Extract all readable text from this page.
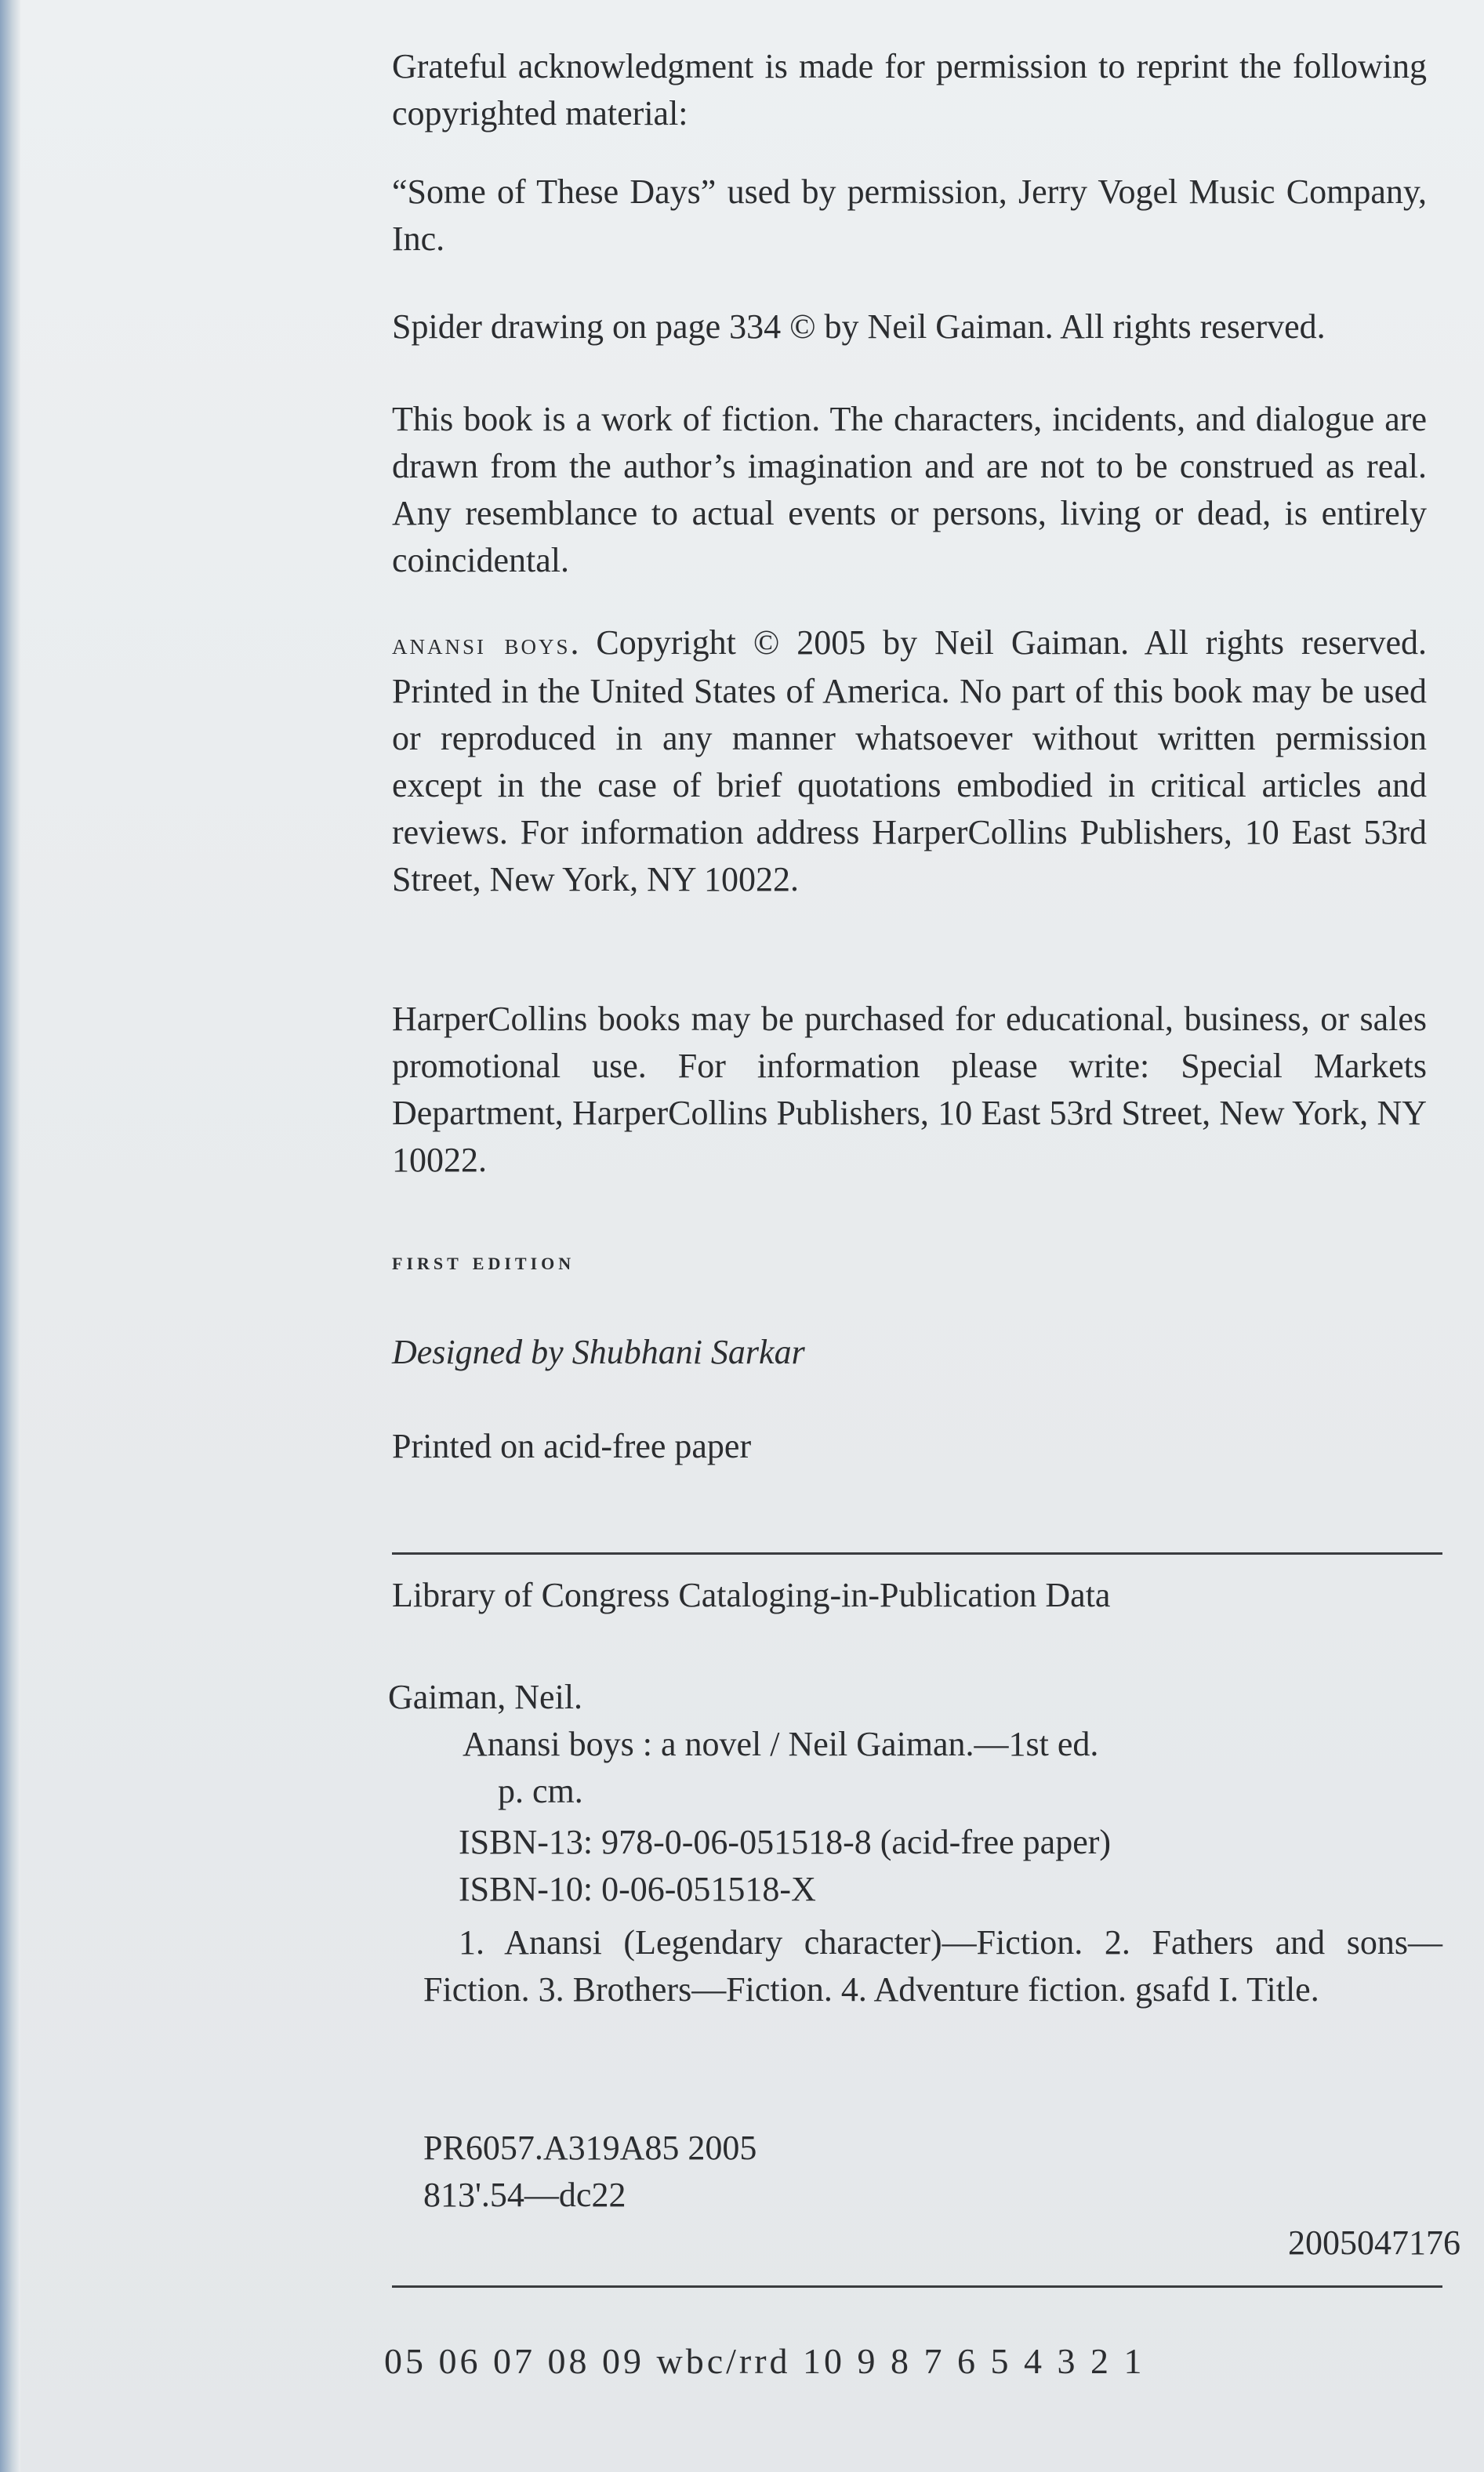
Grateful acknowledgment is made for permission to reprint the following copyrighted material:

“Some of These Days” used by permission, Jerry Vogel Music Company, Inc.

Spider drawing on page 334 © by Neil Gaiman. All rights reserved.

This book is a work of fiction. The characters, incidents, and dialogue are drawn from the author’s imagination and are not to be construed as real. Any resemblance to actual events or persons, living or dead, is entirely coincidental.

anansi boys. Copyright © 2005 by Neil Gaiman. All rights reserved. Printed in the United States of America. No part of this book may be used or reproduced in any manner whatsoever without written permission except in the case of brief quotations embodied in critical articles and reviews. For information address HarperCollins Publishers, 10 East 53rd Street, New York, NY 10022.

HarperCollins books may be purchased for educational, business, or sales promotional use. For information please write: Special Markets Department, HarperCollins Publishers, 10 East 53rd Street, New York, NY 10022.

first edition

Designed by Shubhani Sarkar

Printed on acid-free paper

Library of Congress Cataloging-in-Publication Data
Gaiman, Neil.
Anansi boys : a novel / Neil Gaiman.—1st ed.
p. cm.
ISBN-13: 978-0-06-051518-8 (acid-free paper)
ISBN-10: 0-06-051518-X

1. Anansi (Legendary character)—Fiction. 2. Fathers and sons—Fiction. 3. Brothers—Fiction. 4. Adventure fiction. gsafd I. Title.

PR6057.A319A85 2005
813'.54—dc22
2005047176
05 06 07 08 09 wbc/rrd 10 9 8 7 6 5 4 3 2 1
